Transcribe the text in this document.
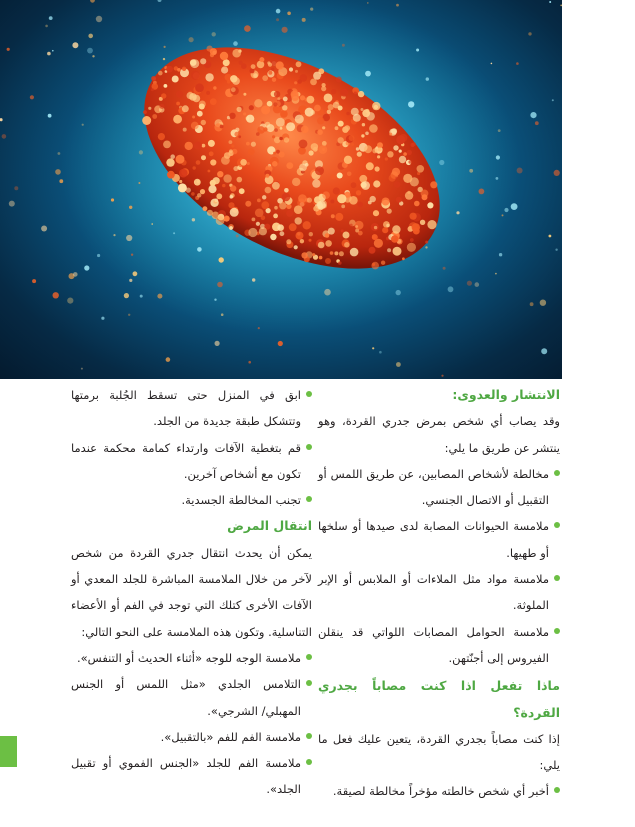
الانتشار والعدوى:

وقد يصاب أي شخص بمرض جدري القردة، وهو ينتشر عن طريق ما يلي:

مخالطة لأشخاص المصابين، عن طريق اللمس أو التقبيل أو الاتصال الجنسي.

ملامسة الحيوانات المصابة لدى صيدها أو سلخها أو طهيها.

ملامسة مواد مثل الملاءات أو الملابس أو الإبر الملوثة.

ملامسة الحوامل المصابات اللواتي قد ينقلن الفيروس إلى أجنّتهن.

ماذا تفعل اذا كنت مصاباً بجدري القردة؟

إذا كنت مصاباً بجدري القردة، يتعين عليك فعل ما يلي:

أخبر أي شخص خالطته مؤخراً مخالطة لصيقة.

ابق في المنزل حتى تسقط الجُلبة برمتها وتتشكل طبقة جديدة من الجلد.

قم بتغطية الآفات وارتداء كمامة محكمة عندما تكون مع أشخاص آخرين.

تجنب المخالطة الجسدية.

انتقال المرض

يمكن أن يحدث انتقال جدري القردة من شخص لآخر من خلال الملامسة المباشرة للجلد المعدي أو الآفات الأخرى كتلك التي توجد في الفم أو الأعضاء التناسلية. وتكون هذه الملامسة على النحو التالي:

ملامسة الوجه للوجه «أثناء الحديث أو التنفس».

التلامس الجلدي «مثل اللمس أو الجنس المهبلي/ الشرجي».

ملامسة الفم للفم «بالتقبيل».

ملامسة الفم للجلد «الجنس الفموي أو تقبيل الجلد».
